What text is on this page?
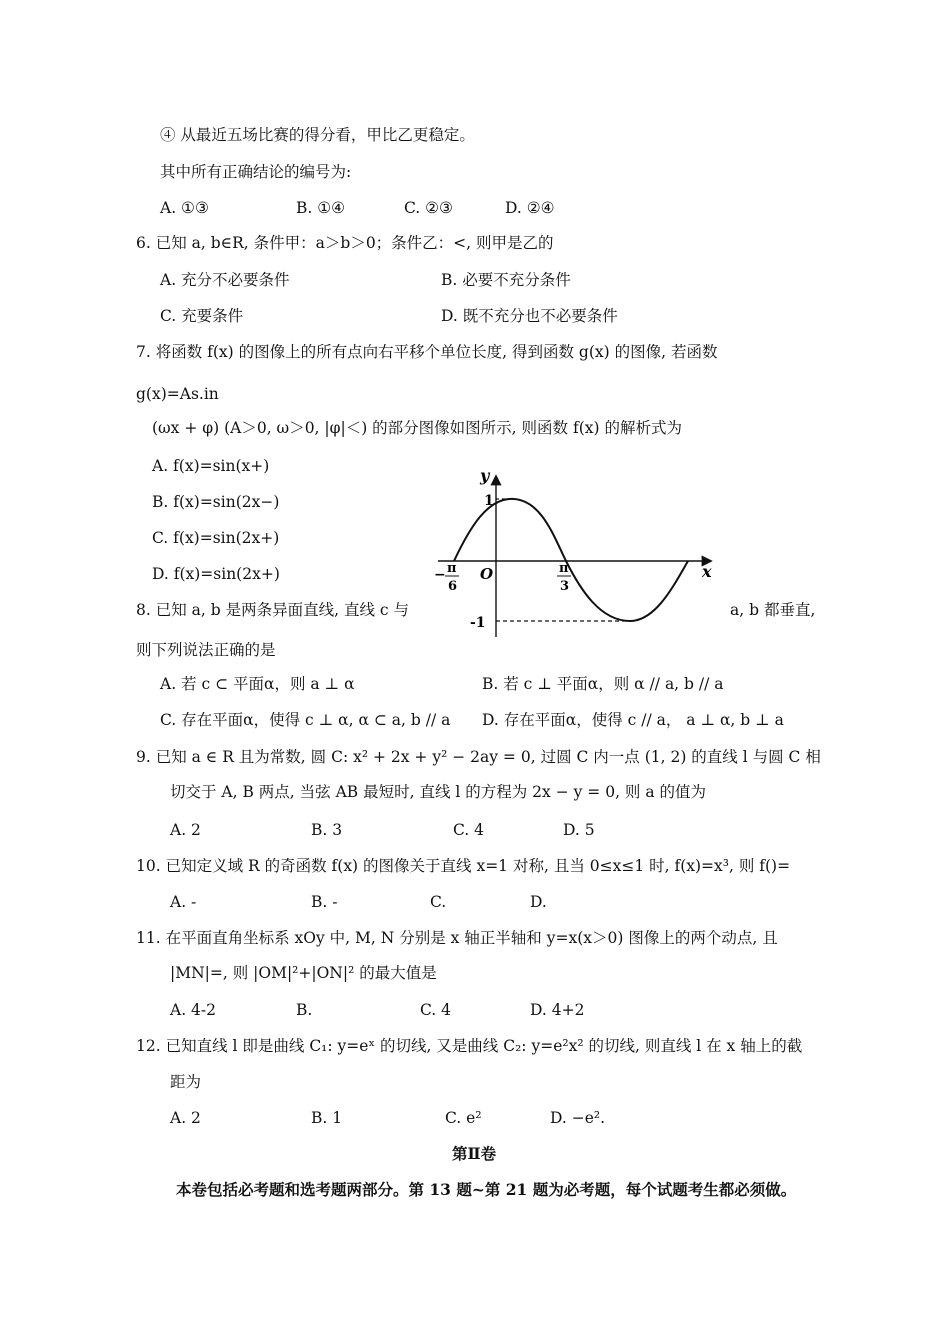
④ 从最近五场比赛的得分看，甲比乙更稳定。
其中所有正确结论的编号为:
A. ①③	B. ①④	C. ②③	D. ②④
6. 已知 a, b∈R, 条件甲：a＞b＞0；条件乙：<, 则甲是乙的
A. 充分不必要条件	B. 必要不充分条件
C. 充要条件	D. 既不充分也不必要条件
7. 将函数 f(x) 的图像上的所有点向右平移个单位长度, 得到函数 g(x) 的图像, 若函数
g(x)=As.in
(ωx + φ) (A＞0, ω＞0, |φ|＜) 的部分图像如图所示, 则函数 f(x) 的解析式为
A. f(x)=sin(x+)
B. f(x)=sin(2x−)
C. f(x)=sin(2x+)
D. f(x)=sin(2x+)
y
x
O
1
-1
− π
6
π
3
8. 已知 a, b 是两条异面直线, 直线 c 与	a, b 都垂直,
则下列说法正确的是
A. 若 c ⊂ 平面α，则 a ⊥ α	B. 若 c ⊥ 平面α，则 α // a, b // a
C. 存在平面α，使得 c ⊥ α, α ⊂ a, b // a D. 存在平面α，使得 c // a， a ⊥ α, b ⊥ a
9. 已知 a ∈ R 且为常数, 圆 C: x² + 2x + y² − 2ay = 0, 过圆 C 内一点 (1, 2) 的直线 l 与圆 C 相
切交于 A, B 两点, 当弦 AB 最短时, 直线 l 的方程为 2x − y = 0, 则 a 的值为
A. 2	B. 3	C. 4	D. 5
10. 已知定义域 R 的奇函数 f(x) 的图像关于直线 x=1 对称, 且当 0≤x≤1 时, f(x)=x³, 则 f()=
A. -	B. -	C.	D.
11. 在平面直角坐标系 xOy 中, M, N 分别是 x 轴正半轴和 y=x(x＞0) 图像上的两个动点, 且
|MN|=, 则 |OM|²+|ON|² 的最大值是
A. 4-2	B.	C. 4	D. 4+2
12. 已知直线 l 即是曲线 C₁: y=eˣ 的切线, 又是曲线 C₂: y=e²x² 的切线, 则直线 l 在 x 轴上的截
距为
A. 2	B. 1	C. e²	D. −e².
第Ⅱ卷
本卷包括必考题和选考题两部分。第 13 题~第 21 题为必考题，每个试题考生都必须做。
